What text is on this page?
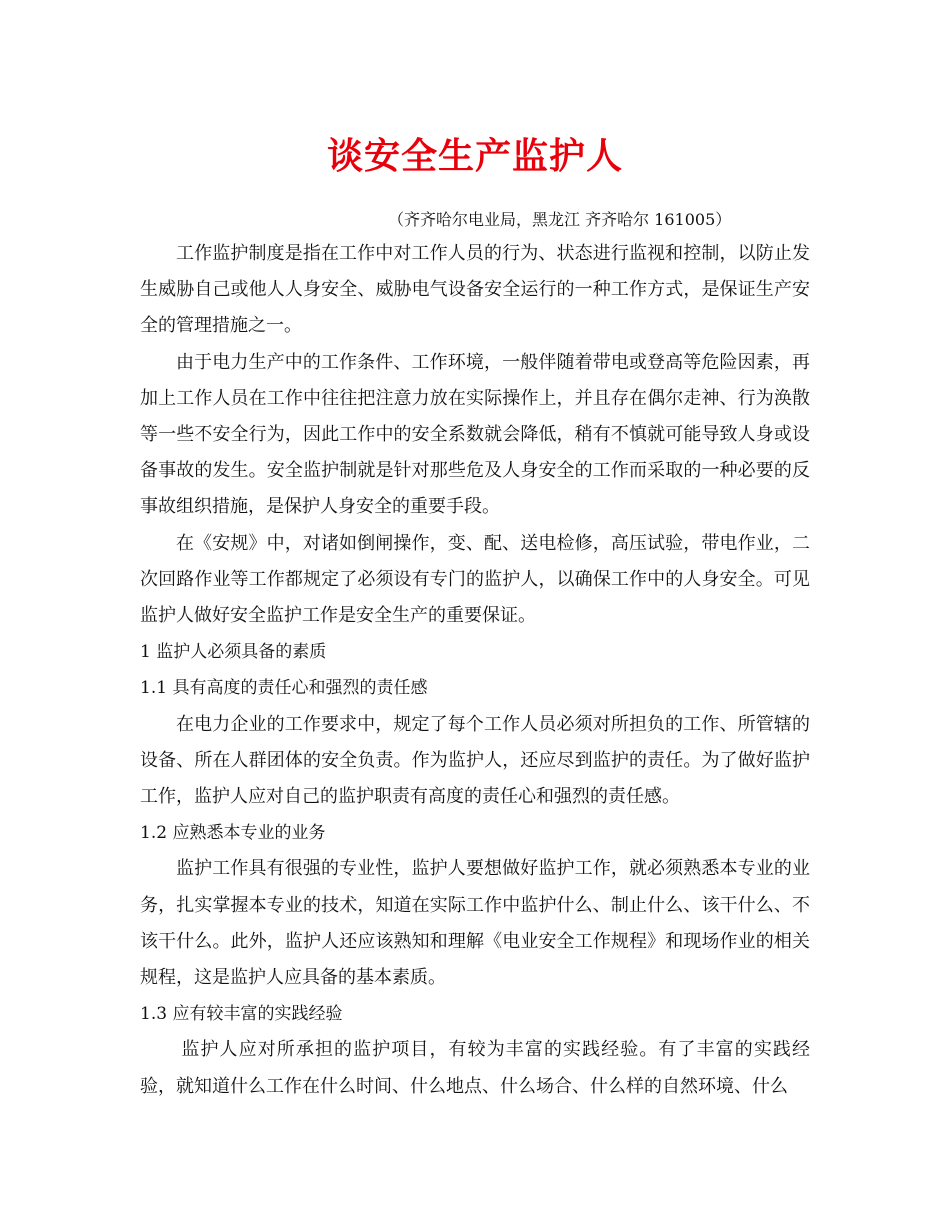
谈安全生产监护人
（齐齐哈尔电业局，黑龙江 齐齐哈尔 161005）

工作监护制度是指在工作中对工作人员的行为、状态进行监视和控制，以防止发生威胁自己或他人人身安全、威胁电气设备安全运行的一种工作方式，是保证生产安全的管理措施之一。

由于电力生产中的工作条件、工作环境，一般伴随着带电或登高等危险因素，再加上工作人员在工作中往往把注意力放在实际操作上，并且存在偶尔走神、行为涣散等一些不安全行为，因此工作中的安全系数就会降低，稍有不慎就可能导致人身或设备事故的发生。安全监护制就是针对那些危及人身安全的工作而采取的一种必要的反事故组织措施，是保护人身安全的重要手段。

在《安规》中，对诸如倒闸操作，变、配、送电检修，高压试验，带电作业，二次回路作业等工作都规定了必须设有专门的监护人，以确保工作中的人身安全。可见监护人做好安全监护工作是安全生产的重要保证。

1 监护人必须具备的素质
1.1 具有高度的责任心和强烈的责任感

在电力企业的工作要求中，规定了每个工作人员必须对所担负的工作、所管辖的设备、所在人群团体的安全负责。作为监护人，还应尽到监护的责任。为了做好监护工作，监护人应对自己的监护职责有高度的责任心和强烈的责任感。

1.2 应熟悉本专业的业务

监护工作具有很强的专业性，监护人要想做好监护工作，就必须熟悉本专业的业务，扎实掌握本专业的技术，知道在实际工作中监护什么、制止什么、该干什么、不该干什么。此外，监护人还应该熟知和理解《电业安全工作规程》和现场作业的相关规程，这是监护人应具备的基本素质。

1.3 应有较丰富的实践经验

监护人应对所承担的监护项目，有较为丰富的实践经验。有了丰富的实践经验，就知道什么工作在什么时间、什么地点、什么场合、什么样的自然环境、什么
